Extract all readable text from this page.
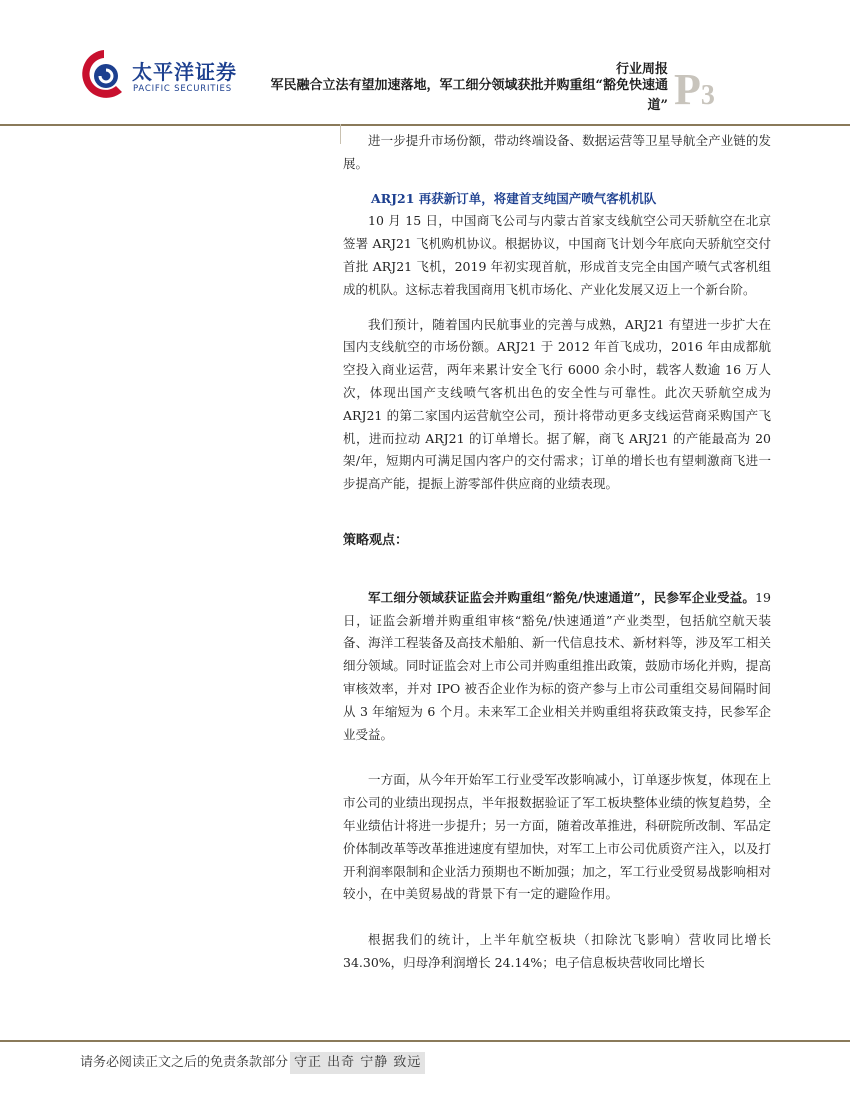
太平洋证券
PACIFIC SECURITIES
行业周报
军民融合立法有望加速落地，军工细分领域获批并购重组“豁免快速通道” P3

进一步提升市场份额，带动终端设备、数据运营等卫星导航全产业链的发展。

ARJ21 再获新订单，将建首支纯国产喷气客机机队

10 月 15 日，中国商飞公司与内蒙古首家支线航空公司天骄航空在北京签署 ARJ21 飞机购机协议。根据协议，中国商飞计划今年底向天骄航空交付首批 ARJ21 飞机，2019 年初实现首航，形成首支完全由国产喷气式客机组成的机队。这标志着我国商用飞机市场化、产业化发展又迈上一个新台阶。

我们预计，随着国内民航事业的完善与成熟，ARJ21 有望进一步扩大在国内支线航空的市场份额。ARJ21 于 2012 年首飞成功，2016 年由成都航空投入商业运营，两年来累计安全飞行 6000 余小时，载客人数逾 16 万人次，体现出国产支线喷气客机出色的安全性与可靠性。此次天骄航空成为 ARJ21 的第二家国内运营航空公司，预计将带动更多支线运营商采购国产飞机，进而拉动 ARJ21 的订单增长。据了解，商飞 ARJ21 的产能最高为 20 架/年，短期内可满足国内客户的交付需求；订单的增长也有望刺激商飞进一步提高产能，提振上游零部件供应商的业绩表现。

策略观点：

军工细分领域获证监会并购重组“豁免/快速通道”，民参军企业受益。19 日，证监会新增并购重组审核“豁免/快速通道”产业类型，包括航空航天装备、海洋工程装备及高技术船舶、新一代信息技术、新材料等，涉及军工相关细分领域。同时证监会对上市公司并购重组推出政策，鼓励市场化并购，提高审核效率，并对 IPO 被否企业作为标的资产参与上市公司重组交易间隔时间从 3 年缩短为 6 个月。未来军工企业相关并购重组将获政策支持，民参军企业受益。

一方面，从今年开始军工行业受军改影响减小，订单逐步恢复，体现在上市公司的业绩出现拐点，半年报数据验证了军工板块整体业绩的恢复趋势，全年业绩估计将进一步提升；另一方面，随着改革推进，科研院所改制、军品定价体制改革等改革推进速度有望加快，对军工上市公司优质资产注入，以及打开利润率限制和企业活力预期也不断加强；加之，军工行业受贸易战影响相对较小，在中美贸易战的背景下有一定的避险作用。

根据我们的统计，上半年航空板块（扣除沈飞影响）营收同比增长 34.30%，归母净利润增长 24.14%；电子信息板块营收同比增长

请务必阅读正文之后的免责条款部分 守正 出奇 宁静 致远
